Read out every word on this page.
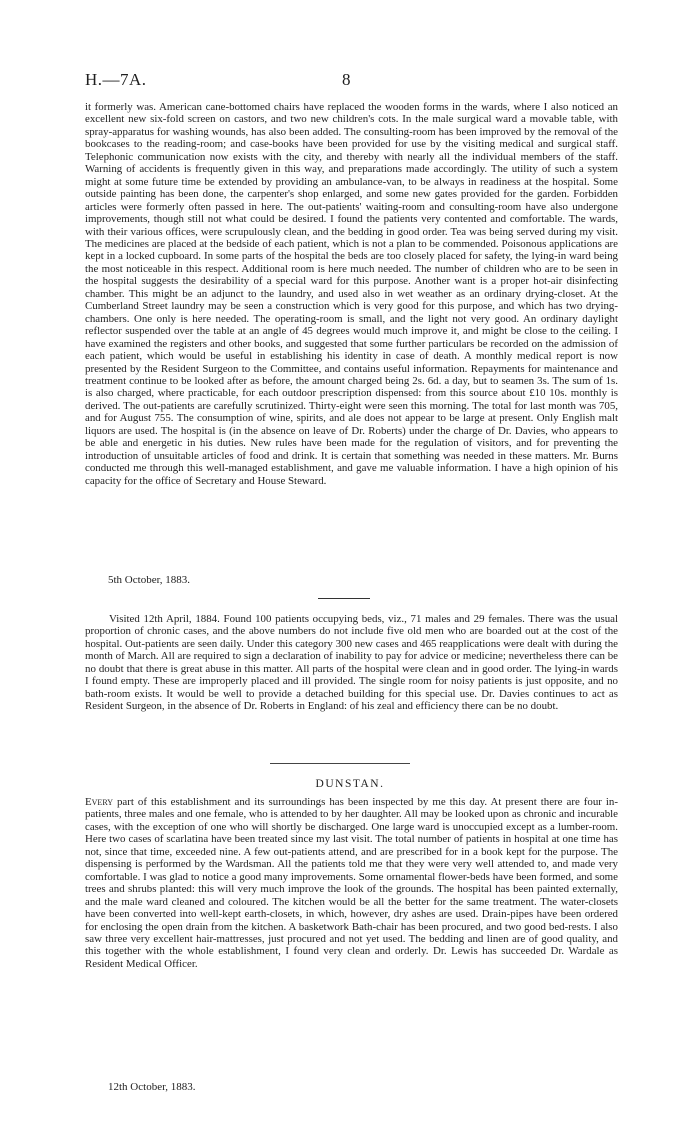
H.—7A.	8

it formerly was. American cane-bottomed chairs have replaced the wooden forms in the wards, where I also noticed an excellent new six-fold screen on castors, and two new children's cots. In the male surgical ward a movable table, with spray-apparatus for washing wounds, has also been added. The consulting-room has been improved by the removal of the bookcases to the reading-room; and case-books have been provided for use by the visiting medical and surgical staff. Telephonic communication now exists with the city, and thereby with nearly all the individual members of the staff. Warning of accidents is frequently given in this way, and preparations made accordingly. The utility of such a system might at some future time be extended by providing an ambulance-van, to be always in readiness at the hospital. Some outside painting has been done, the carpenter's shop enlarged, and some new gates provided for the garden. Forbidden articles were formerly often passed in here. The out-patients' waiting-room and consulting-room have also undergone improvements, though still not what could be desired. I found the patients very contented and comfortable. The wards, with their various offices, were scrupulously clean, and the bedding in good order. Tea was being served during my visit. The medicines are placed at the bedside of each patient, which is not a plan to be commended. Poisonous applications are kept in a locked cupboard. In some parts of the hospital the beds are too closely placed for safety, the lying-in ward being the most noticeable in this respect. Additional room is here much needed. The number of children who are to be seen in the hospital suggests the desirability of a special ward for this purpose. Another want is a proper hot-air disinfecting chamber. This might be an adjunct to the laundry, and used also in wet weather as an ordinary drying-closet. At the Cumberland Street laundry may be seen a construction which is very good for this purpose, and which has two drying-chambers. One only is here needed. The operating-room is small, and the light not very good. An ordinary daylight reflector suspended over the table at an angle of 45 degrees would much improve it, and might be close to the ceiling. I have examined the registers and other books, and suggested that some further particulars be recorded on the admission of each patient, which would be useful in establishing his identity in case of death. A monthly medical report is now presented by the Resident Surgeon to the Committee, and contains useful information. Repayments for maintenance and treatment continue to be looked after as before, the amount charged being 2s. 6d. a day, but to seamen 3s. The sum of 1s. is also charged, where practicable, for each outdoor prescription dispensed: from this source about £10 10s. monthly is derived. The out-patients are carefully scrutinized. Thirty-eight were seen this morning. The total for last month was 705, and for August 755. The consumption of wine, spirits, and ale does not appear to be large at present. Only English malt liquors are used. The hospital is (in the absence on leave of Dr. Roberts) under the charge of Dr. Davies, who appears to be able and energetic in his duties. New rules have been made for the regulation of visitors, and for preventing the introduction of unsuitable articles of food and drink. It is certain that something was needed in these matters. Mr. Burns conducted me through this well-managed establishment, and gave me valuable information. I have a high opinion of his capacity for the office of Secretary and House Steward.

5th October, 1883.

Visited 12th April, 1884. Found 100 patients occupying beds, viz., 71 males and 29 females. There was the usual proportion of chronic cases, and the above numbers do not include five old men who are boarded out at the cost of the hospital. Out-patients are seen daily. Under this category 300 new cases and 465 reapplications were dealt with during the month of March. All are required to sign a declaration of inability to pay for advice or medicine; nevertheless there can be no doubt that there is great abuse in this matter. All parts of the hospital were clean and in good order. The lying-in wards I found empty. These are improperly placed and ill provided. The single room for noisy patients is just opposite, and no bath-room exists. It would be well to provide a detached building for this special use. Dr. Davies continues to act as Resident Surgeon, in the absence of Dr. Roberts in England: of his zeal and efficiency there can be no doubt.

DUNSTAN.

Every part of this establishment and its surroundings has been inspected by me this day. At present there are four in-patients, three males and one female, who is attended to by her daughter. All may be looked upon as chronic and incurable cases, with the exception of one who will shortly be discharged. One large ward is unoccupied except as a lumber-room. Here two cases of scarlatina have been treated since my last visit. The total number of patients in hospital at one time has not, since that time, exceeded nine. A few out-patients attend, and are prescribed for in a book kept for the purpose. The dispensing is performed by the Wardsman. All the patients told me that they were very well attended to, and made very comfortable. I was glad to notice a good many improvements. Some ornamental flower-beds have been formed, and some trees and shrubs planted: this will very much improve the look of the grounds. The hospital has been painted externally, and the male ward cleaned and coloured. The kitchen would be all the better for the same treatment. The water-closets have been converted into well-kept earth-closets, in which, however, dry ashes are used. Drain-pipes have been ordered for enclosing the open drain from the kitchen. A basketwork Bath-chair has been procured, and two good bed-rests. I also saw three very excellent hair-mattresses, just procured and not yet used. The bedding and linen are of good quality, and this together with the whole establishment, I found very clean and orderly. Dr. Lewis has succeeded Dr. Wardale as Resident Medical Officer.

12th October, 1883.
